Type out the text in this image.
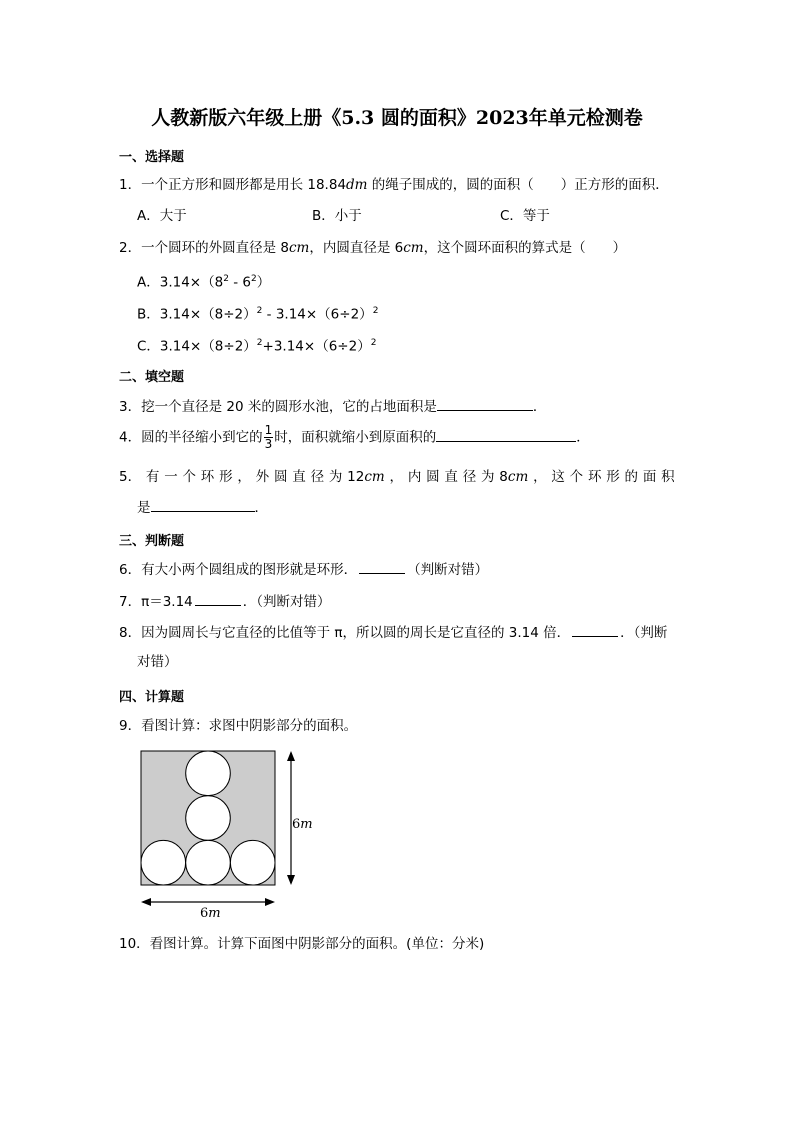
人教新版六年级上册《5.3 圆的面积》2023年单元检测卷
一、选择题
1．一个正方形和圆形都是用长 18.84dm 的绳子围成的，圆的面积（　　）正方形的面积．
A．大于	B．小于	C．等于
2．一个圆环的外圆直径是 8cm，内圆直径是 6cm，这个圆环面积的算式是（　　）
A．$3.14\times(8^2 - 6^2)$
B．$3.14\times(8\div 2)^2 - 3.14\times(6\div 2)^2$
C．$3.14\times(8\div 2)^2+3.14\times(6\div 2)^2$
二、填空题
3．挖一个直径是 20 米的圆形水池，它的占地面积是	．
4．圆的半径缩小到它的 $\frac{1}{3}$ 时，面积就缩小到原面积的	．
5． 有 一 个 环 形 ， 外 圆 直 径 为 12cm ， 内 圆 直 径 为 8cm ， 这 个 环 形 的 面 积
是	．
三、判断题
6．有大小两个圆组成的图形就是环形．	（判断对错）
7．π＝3.14	．（判断对错）
8．因为圆周长与它直径的比值等于 π，所以圆的周长是它直径的 3.14 倍．	．（判断
对错）
四、计算题
9．看图计算：求图中阴影部分的面积。
6m
6m
10．看图计算。计算下面图中阴影部分的面积。(单位：分米)
